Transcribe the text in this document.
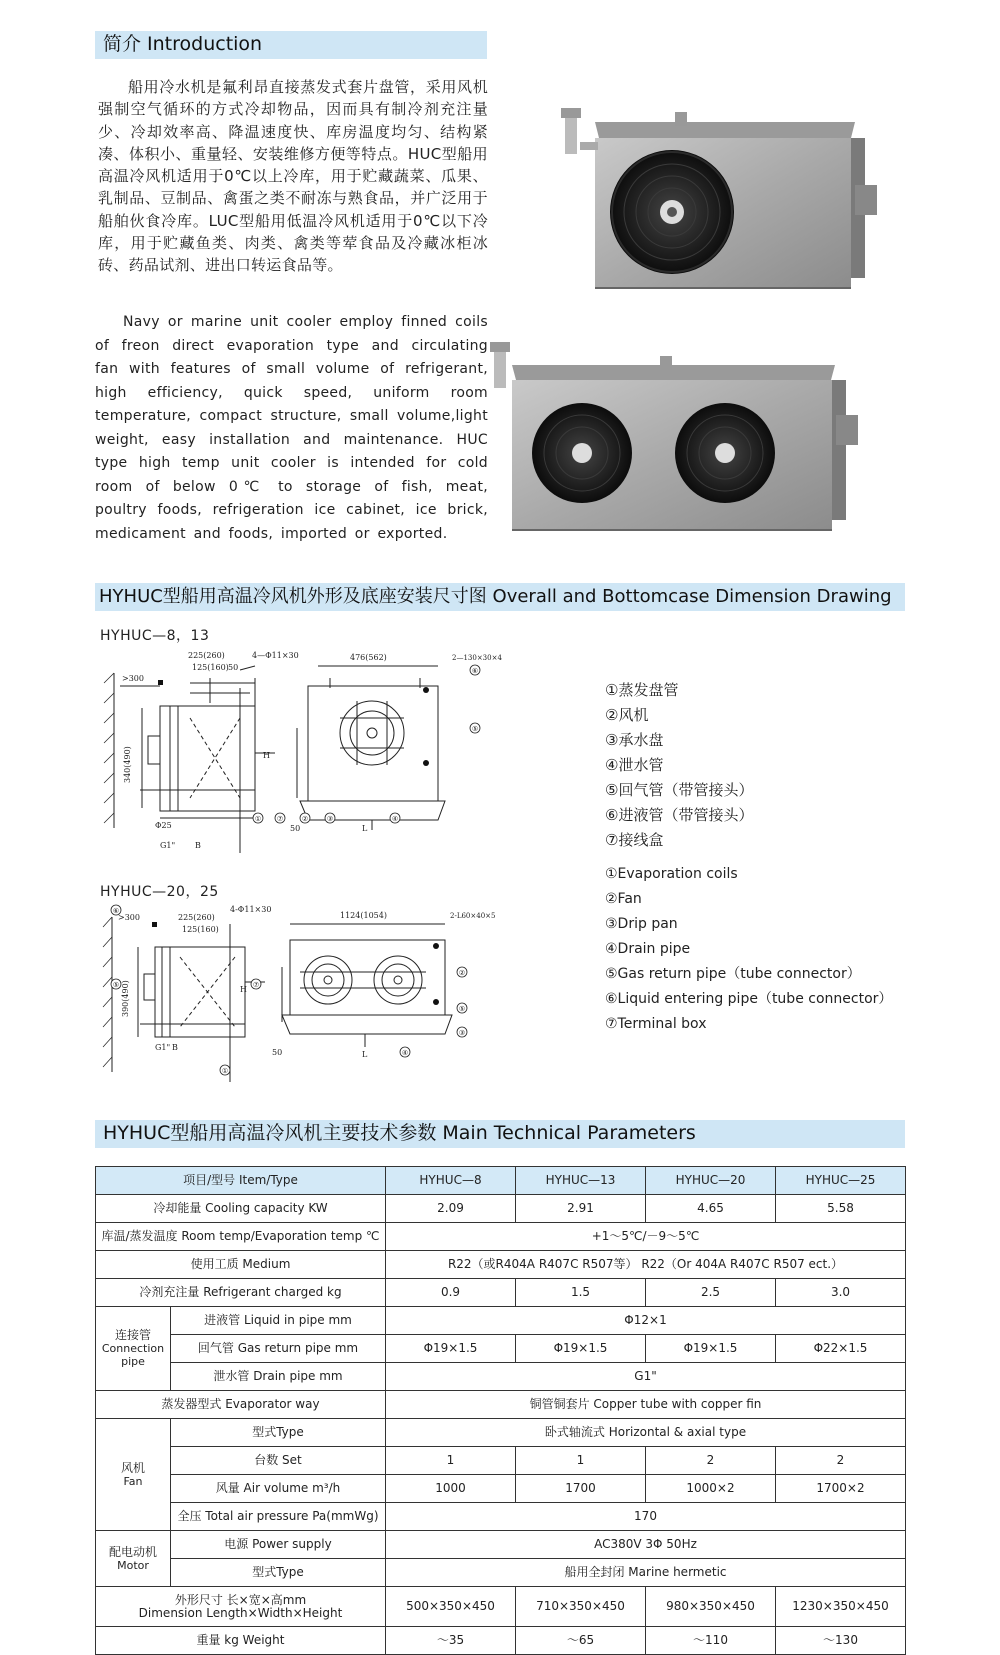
简介 Introduction

船用冷水机是氟利昂直接蒸发式套片盘管，采用风机强制空气循环的方式冷却物品，因而具有制冷剂充注量少、冷却效率高、降温速度快、库房温度均匀、结构紧凑、体积小、重量轻、安装维修方便等特点。HUC型船用高温冷风机适用于0℃以上冷库，用于贮藏蔬菜、瓜果、乳制品、豆制品、禽蛋之类不耐冻与熟食品，并广泛用于船舶伙食冷库。LUC型船用低温冷风机适用于0℃以下冷库，用于贮藏鱼类、肉类、禽类等荤食品及冷藏冰柜冰砖、药品试剂、进出口转运食品等。

Navy or marine unit cooler employ finned coils of freon direct evaporation type and circulating fan with features of small volume of refrigerant, high efficiency, quick speed, uniform room temperature, compact structure, small volume,light weight, easy installation and maintenance. HUC type high temp unit cooler is intended for cold room of below 0℃ to storage of fish, meat, poultry foods, refrigeration ice cabinet, ice brick, medicament and foods, imported or exported.

HYHUC型船用高温冷风机外形及底座安装尺寸图 Overall and Bottomcase Dimension Drawing
HYHUC—8，13
① ⑦	②	③	④
⑥
⑤
225(260)
125(160) 50
4—Φ11×30	476(562)	2—130×30×4
>300
340(490)
Φ25
G1" B
H
L
50
HYHUC—20，25
⑥
⑤	⑦
①
②
⑤
③
④
225(260)
125(160)
4-Φ11×30
1124(1054)	2-L60×40×5
>300
390(490)
G1" B
H
L
50
①蒸发盘管
②风机
③承水盘
④泄水管
⑤回气管（带管接头）
⑥进液管（带管接头）
⑦接线盒
①Evaporation coils
②Fan
③Drip pan
④Drain pipe
⑤Gas return pipe（tube connector）
⑥Liquid entering pipe（tube connector）
⑦Terminal box
HYHUC型船用高温冷风机主要技术参数 Main Technical Parameters
项目/型号 Item/Type		HYHUC—8	HYHUC—13	HYHUC—20	HYHUC—25
冷却能量 Cooling capacity KW		2.09	2.91	4.65	5.58
库温/蒸发温度 Room temp/Evaporation temp ℃		+1～5℃/－9～5℃			
使用工质 Medium		R22（或R404A R407C R507等） R22（Or 404A R407C R507 ect.）			
冷剂充注量 Refrigerant charged kg		0.9	1.5	2.5	3.0
连接管
Connection pipe	进液管 Liquid in pipe mm	Φ12×1			
	回气管 Gas return pipe mm	Φ19×1.5	Φ19×1.5	Φ19×1.5	Φ22×1.5
	泄水管 Drain pipe mm	G1"			
蒸发器型式 Evaporator way		铜管铜套片 Copper tube with copper fin			
风机
Fan	型式Type	卧式轴流式 Horizontal & axial type			
	台数 Set	1	1	2	2
	风量 Air volume m³/h	1000	1700	1000×2	1700×2
	全压 Total air pressure Pa(mmWg)	170			
配电动机
Motor	电源 Power supply	AC380V 3Φ 50Hz			
	型式Type	船用全封闭 Marine hermetic			
外形尺寸 长×宽×高mm
Dimension Length×Width×Height		500×350×450	710×350×450	980×350×450	1230×350×450
重量 kg Weight		～35	～65	～110	～130
